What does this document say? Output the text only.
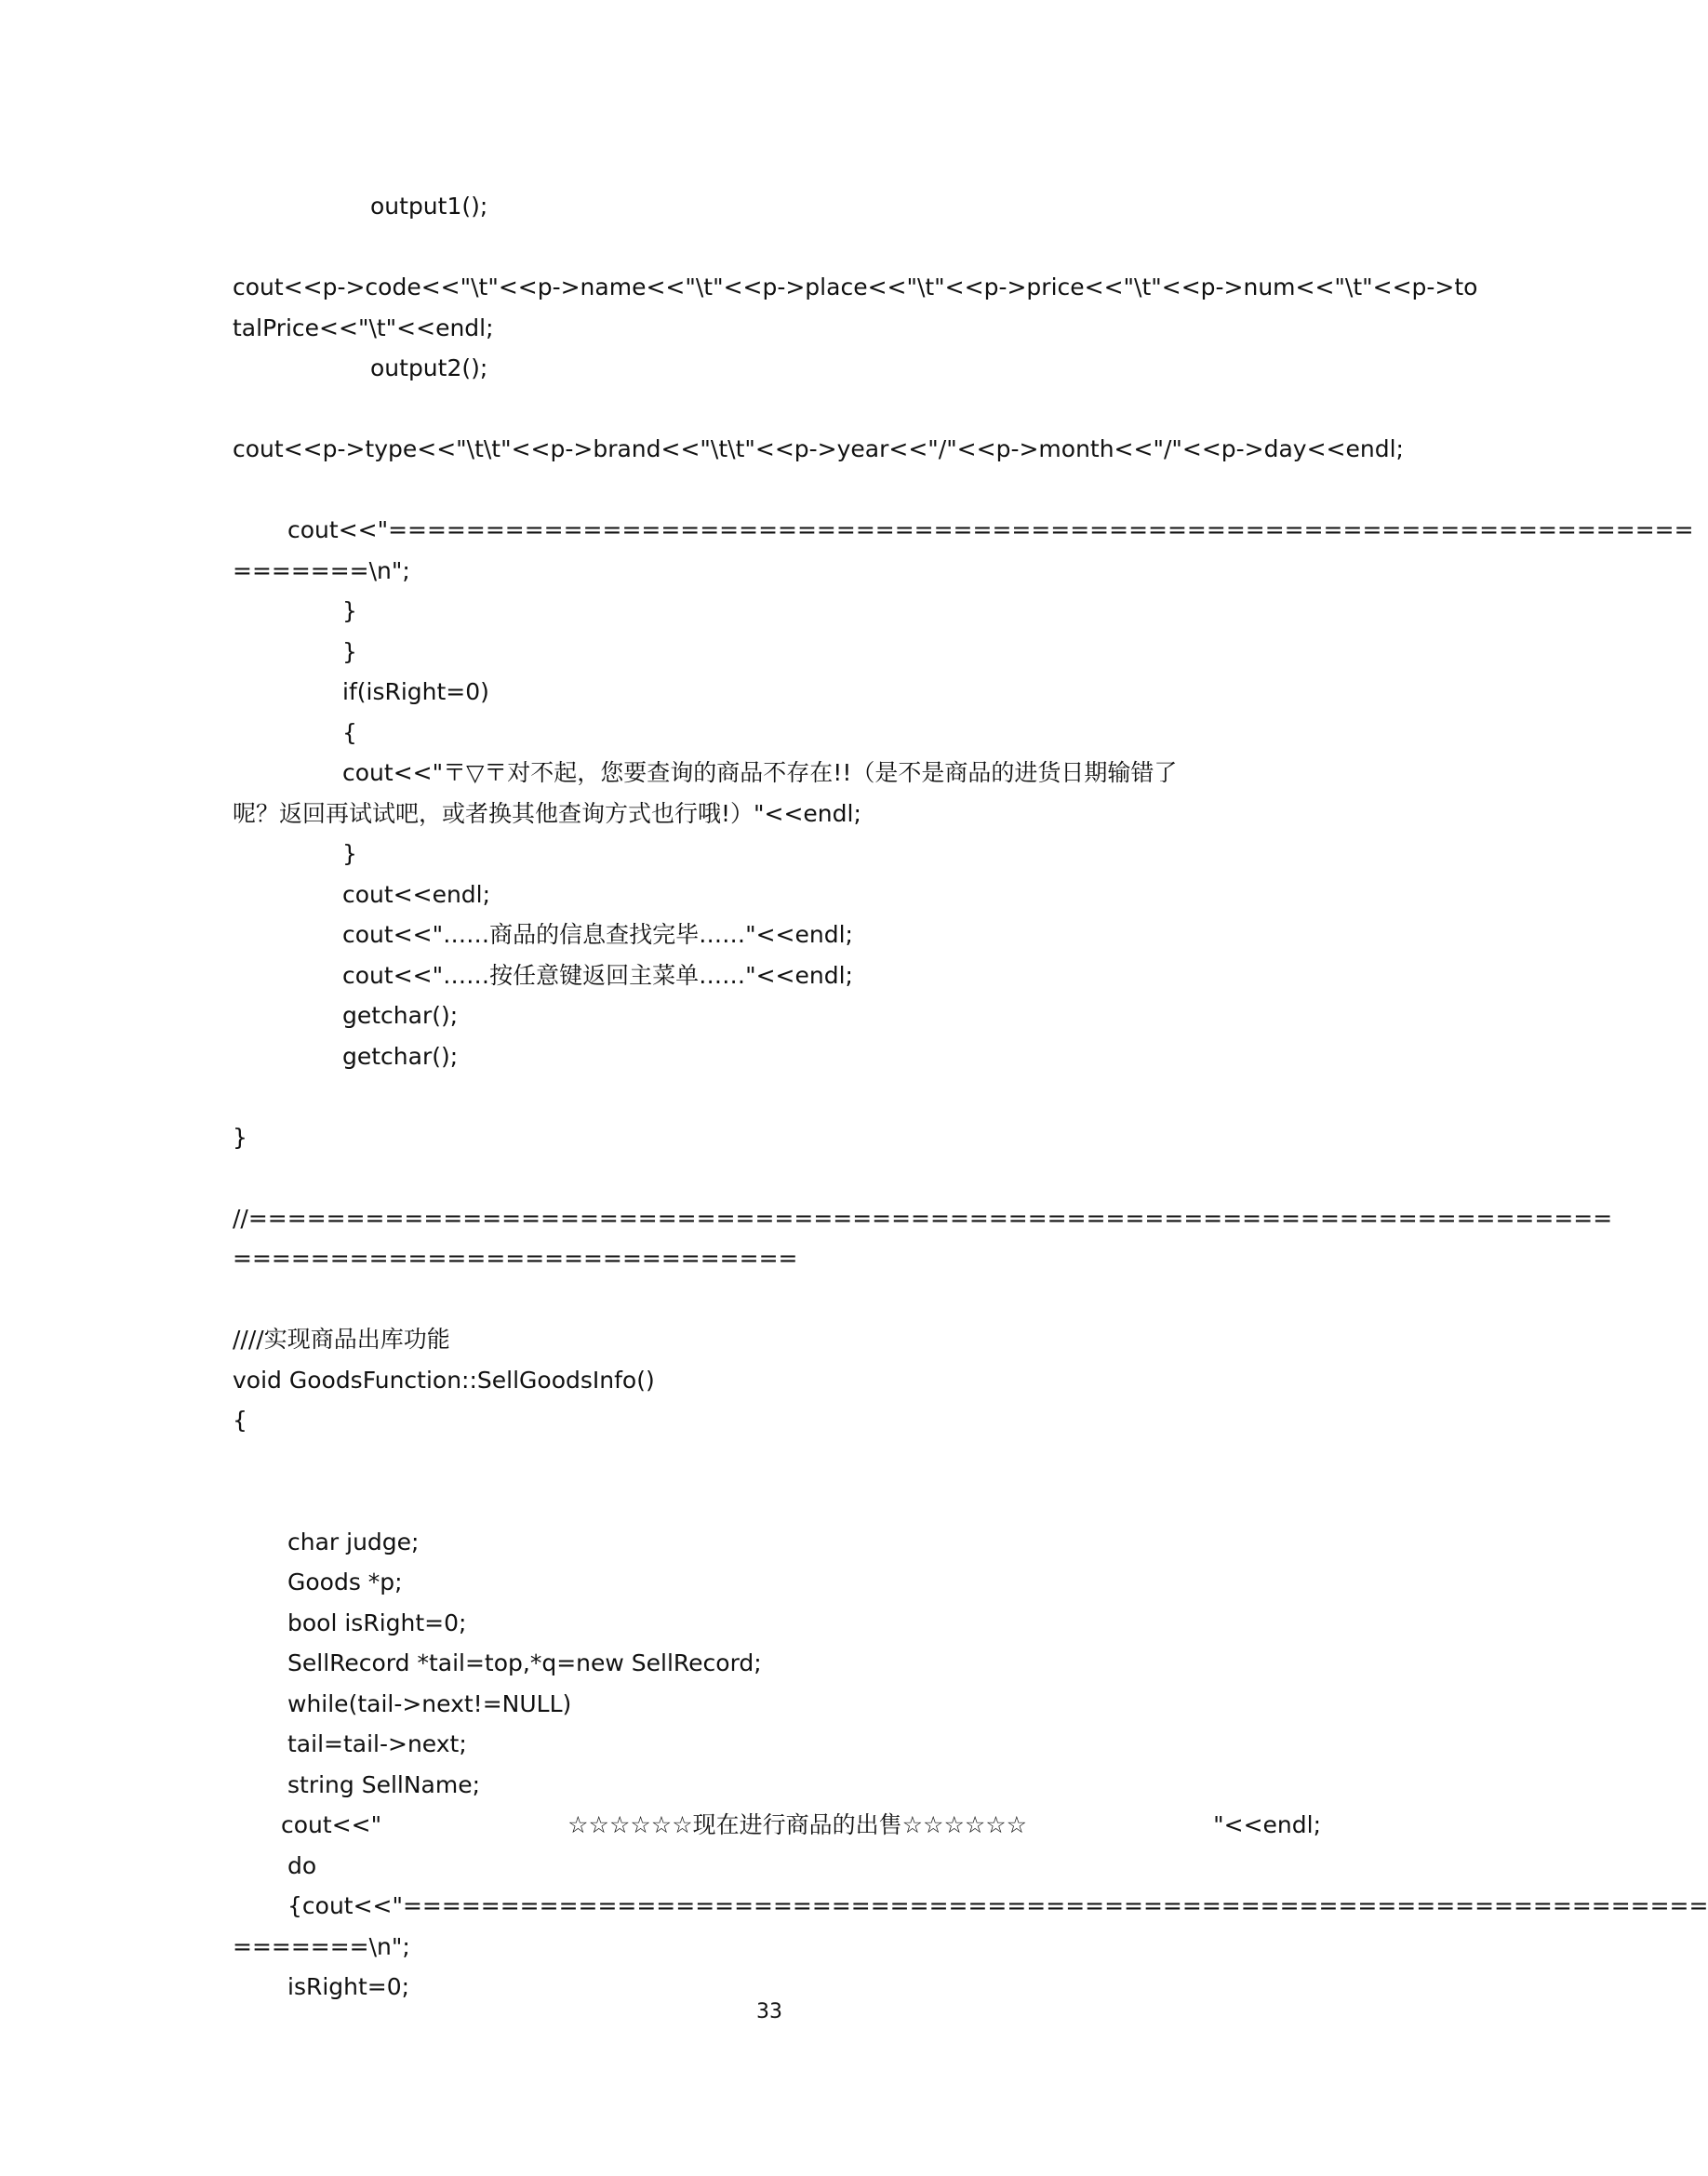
output1();
cout<<p->code<<"\t"<<p->name<<"\t"<<p->place<<"\t"<<p->price<<"\t"<<p->num<<"\t"<<p->to
talPrice<<"\t"<<endl;
output2();
cout<<p->type<<"\t\t"<<p->brand<<"\t\t"<<p->year<<"/"<<p->month<<"/"<<p->day<<endl;
cout<<"===================================================================
=======\n";
}
}
if(isRight=0)
{
cout<<"〒▽〒对不起，您要查询的商品不存在!!（是不是商品的进货日期输错了
呢？返回再试试吧，或者换其他查询方式也行哦!）"<<endl;
}
cout<<endl;
cout<<"……商品的信息查找完毕……"<<endl;
cout<<"……按任意键返回主菜单……"<<endl;
getchar();
getchar();
}
//======================================================================
=============================
////实现商品出库功能
void GoodsFunction::SellGoodsInfo()
{
char judge;
Goods *p;
bool isRight=0;
SellRecord *tail=top,*q=new SellRecord;
while(tail->next!=NULL)
tail=tail->next;
string SellName;
cout<<"	☆☆☆☆☆☆现在进行商品的出售☆☆☆☆☆☆	"<<endl;
do
{cout<<"===================================================================
=======\n";
isRight=0;
33
